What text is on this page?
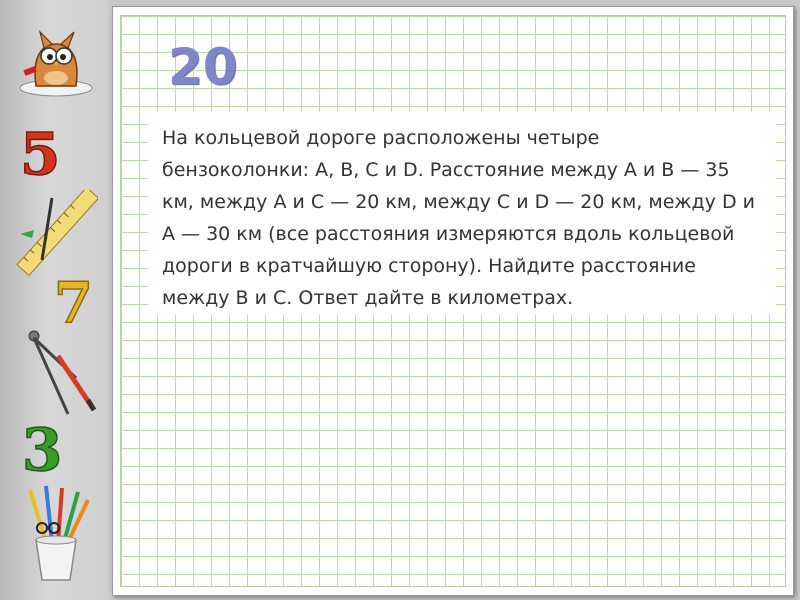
5
7
3
20
На кольцевой дороге расположены четыре
бензоколонки: A, B, C и D. Расстояние между A и B — 35
км, между A и C — 20 км, между C и D — 20 км, между D и
A — 30 км (все расстояния измеряются вдоль кольцевой
дороги в кратчайшую сторону). Найдите расстояние
между B и C. Ответ дайте в километрах.
